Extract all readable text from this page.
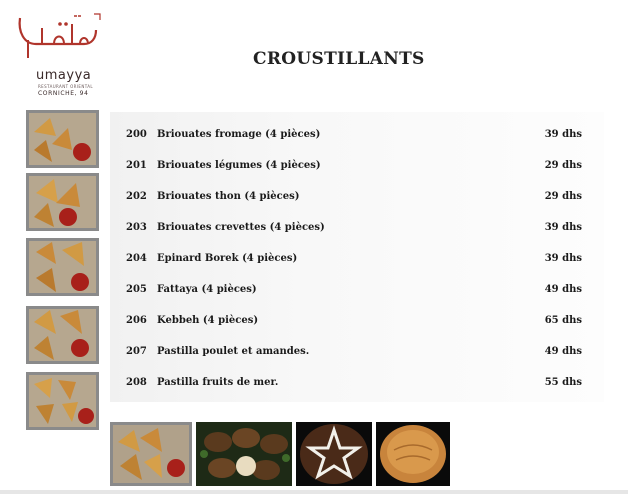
umayya
RESTAURANT ORIENTAL
CORNICHE, 94
CROUSTILLANTS
200 Briouates fromage (4 pièces)	39 dhs
201 Briouates légumes (4 pièces)	29 dhs
202 Briouates thon (4 pièces)	29 dhs
203 Briouates crevettes (4 pièces)	39 dhs
204 Epinard Borek (4 pièces)	39 dhs
205 Fattaya (4 pièces)	49 dhs
206 Kebbeh (4 pièces)	65 dhs
207 Pastilla poulet et amandes.	49 dhs
208 Pastilla fruits de mer.	55 dhs
